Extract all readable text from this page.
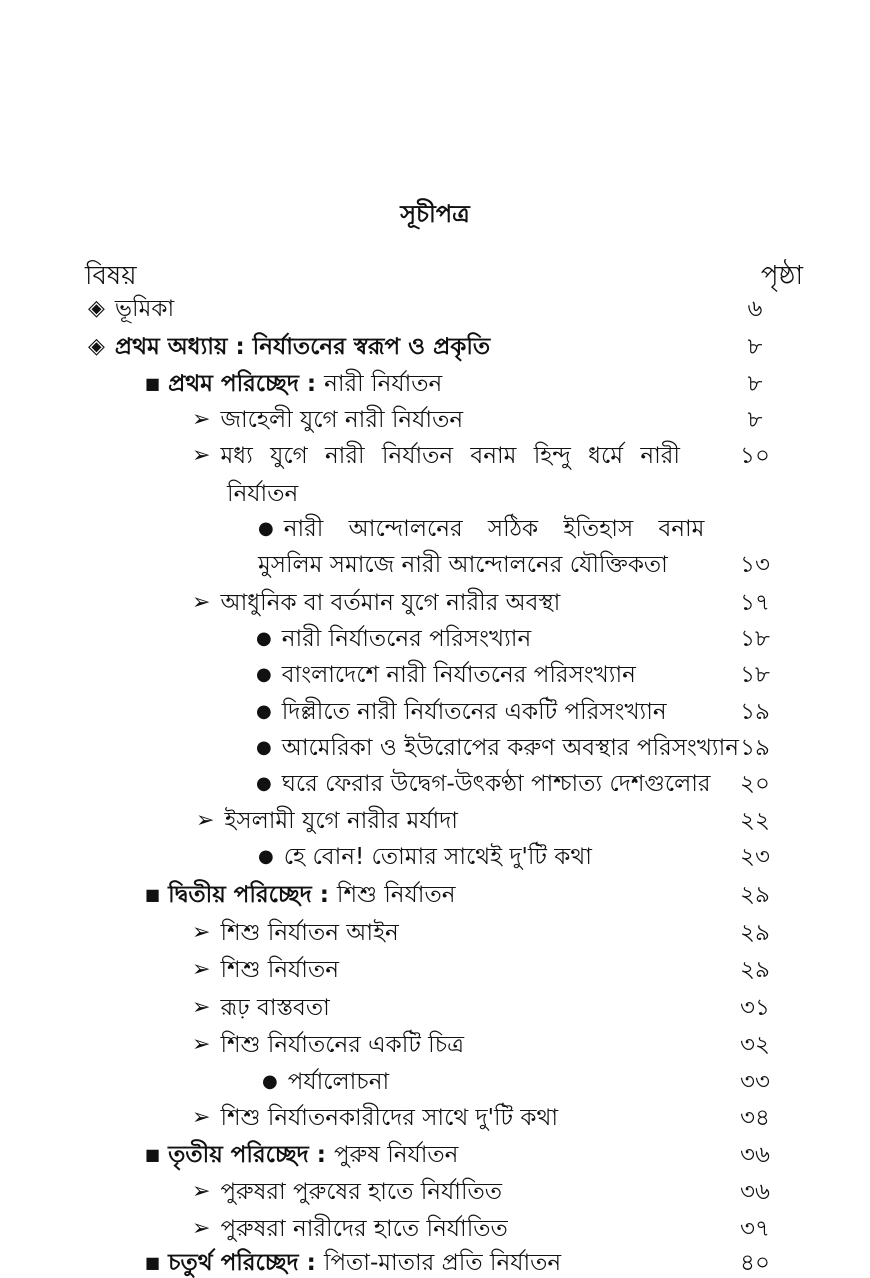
সূচীপত্র
বিষয়	পৃষ্ঠা
◈ ভূমিকা	৬
◈ প্রথম অধ্যায় : নির্যাতনের স্বরূপ ও প্রকৃতি	৮
■ প্রথম পরিচ্ছেদ : নারী নির্যাতন	৮
➢ জাহেলী যুগে নারী নির্যাতন	৮
➢ মধ্য যুগে নারী নির্যাতন বনাম হিন্দু ধর্মে নারী	১০
নির্যাতন
● নারী আন্দোলনের সঠিক ইতিহাস বনাম
মুসলিম সমাজে নারী আন্দোলনের যৌক্তিকতা	১৩
➢ আধুনিক বা বর্তমান যুগে নারীর অবস্থা	১৭
● নারী নির্যাতনের পরিসংখ্যান	১৮
● বাংলাদেশে নারী নির্যাতনের পরিসংখ্যান	১৮
● দিল্লীতে নারী নির্যাতনের একটি পরিসংখ্যান	১৯
● আমেরিকা ও ইউরোপের করুণ অবস্থার পরিসংখ্যান ১৯
● ঘরে ফেরার উদ্বেগ-উৎকণ্ঠা পাশ্চাত্য দেশগুলোর	২০
➢ ইসলামী যুগে নারীর মর্যাদা	২২
● হে বোন! তোমার সাথেই দু'টি কথা	২৩
■ দ্বিতীয় পরিচ্ছেদ : শিশু নির্যাতন	২৯
➢ শিশু নির্যাতন আইন	২৯
➢ শিশু নির্যাতন	২৯
➢ রূঢ় বাস্তবতা	৩১
➢ শিশু নির্যাতনের একটি চিত্র	৩২
● পর্যালোচনা	৩৩
➢ শিশু নির্যাতনকারীদের সাথে দু'টি কথা	৩৪
■ তৃতীয় পরিচ্ছেদ : পুরুষ নির্যাতন	৩৬
➢ পুরুষরা পুরুষের হাতে নির্যাতিত	৩৬
➢ পুরুষরা নারীদের হাতে নির্যাতিত	৩৭
■ চতুর্থ পরিচ্ছেদ : পিতা-মাতার প্রতি নির্যাতন	৪০
